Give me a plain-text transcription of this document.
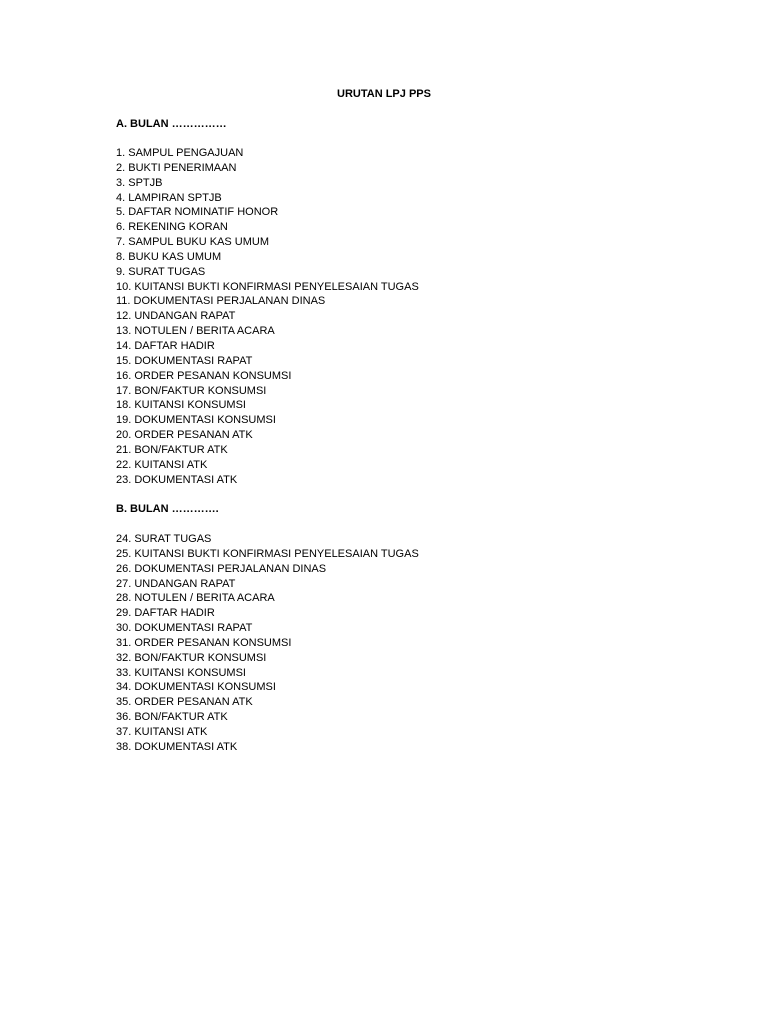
URUTAN LPJ PPS

A. BULAN ……………

1. SAMPUL PENGAJUAN
2. BUKTI PENERIMAAN
3. SPTJB
4. LAMPIRAN SPTJB
5. DAFTAR NOMINATIF HONOR
6. REKENING KORAN
7. SAMPUL BUKU KAS UMUM
8. BUKU KAS UMUM
9. SURAT TUGAS
10. KUITANSI BUKTI KONFIRMASI PENYELESAIAN TUGAS
11. DOKUMENTASI PERJALANAN DINAS
12. UNDANGAN RAPAT
13. NOTULEN / BERITA ACARA
14. DAFTAR HADIR
15. DOKUMENTASI RAPAT
16. ORDER PESANAN KONSUMSI
17. BON/FAKTUR KONSUMSI
18. KUITANSI KONSUMSI
19. DOKUMENTASI KONSUMSI
20. ORDER PESANAN ATK
21. BON/FAKTUR ATK
22. KUITANSI ATK
23. DOKUMENTASI ATK

B. BULAN ………….

24. SURAT TUGAS
25. KUITANSI BUKTI KONFIRMASI PENYELESAIAN TUGAS
26. DOKUMENTASI PERJALANAN DINAS
27. UNDANGAN RAPAT
28. NOTULEN / BERITA ACARA
29. DAFTAR HADIR
30. DOKUMENTASI RAPAT
31. ORDER PESANAN KONSUMSI
32. BON/FAKTUR KONSUMSI
33. KUITANSI KONSUMSI
34. DOKUMENTASI KONSUMSI
35. ORDER PESANAN ATK
36. BON/FAKTUR ATK
37. KUITANSI ATK
38. DOKUMENTASI ATK
